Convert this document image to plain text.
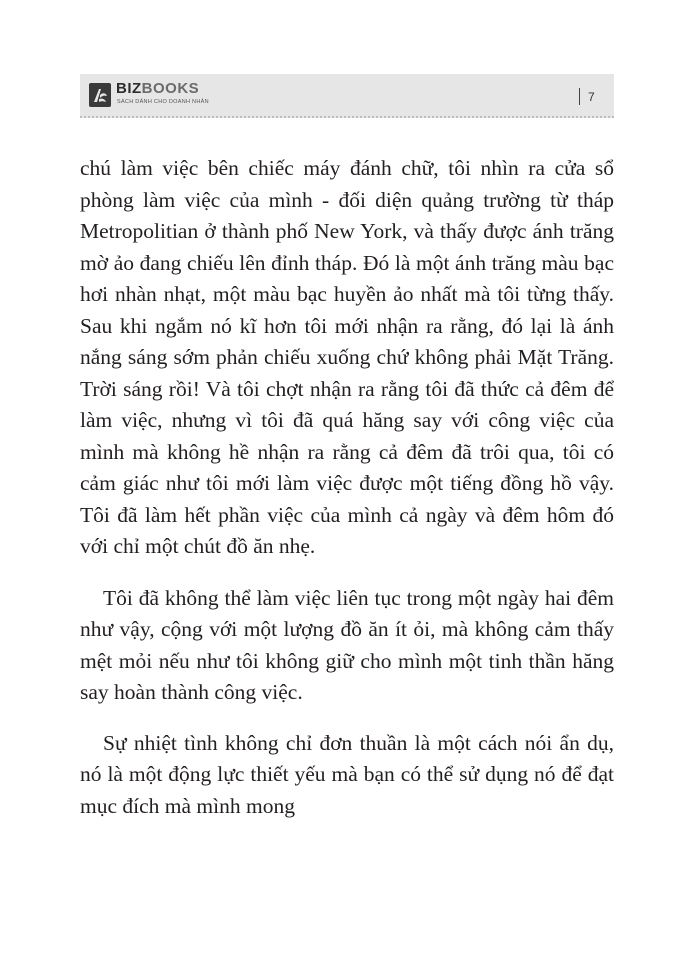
BIZBOOKS
SÁCH DÀNH CHO DOANH NHÂN	7

chú làm việc bên chiếc máy đánh chữ, tôi nhìn ra cửa sổ phòng làm việc của mình - đối diện quảng trường từ tháp Metropolitian ở thành phố New York, và thấy được ánh trăng mờ ảo đang chiếu lên đỉnh tháp. Đó là một ánh trăng màu bạc hơi nhàn nhạt, một màu bạc huyền ảo nhất mà tôi từng thấy. Sau khi ngắm nó kĩ hơn tôi mới nhận ra rằng, đó lại là ánh nắng sáng sớm phản chiếu xuống chứ không phải Mặt Trăng. Trời sáng rồi! Và tôi chợt nhận ra rằng tôi đã thức cả đêm để làm việc, nhưng vì tôi đã quá hăng say với công việc của mình mà không hề nhận ra rằng cả đêm đã trôi qua, tôi có cảm giác như tôi mới làm việc được một tiếng đồng hồ vậy. Tôi đã làm hết phần việc của mình cả ngày và đêm hôm đó với chỉ một chút đồ ăn nhẹ.

Tôi đã không thể làm việc liên tục trong một ngày hai đêm như vậy, cộng với một lượng đồ ăn ít ỏi, mà không cảm thấy mệt mỏi nếu như tôi không giữ cho mình một tinh thần hăng say hoàn thành công việc.

Sự nhiệt tình không chỉ đơn thuần là một cách nói ẩn dụ, nó là một động lực thiết yếu mà bạn có thể sử dụng nó để đạt mục đích mà mình mong
